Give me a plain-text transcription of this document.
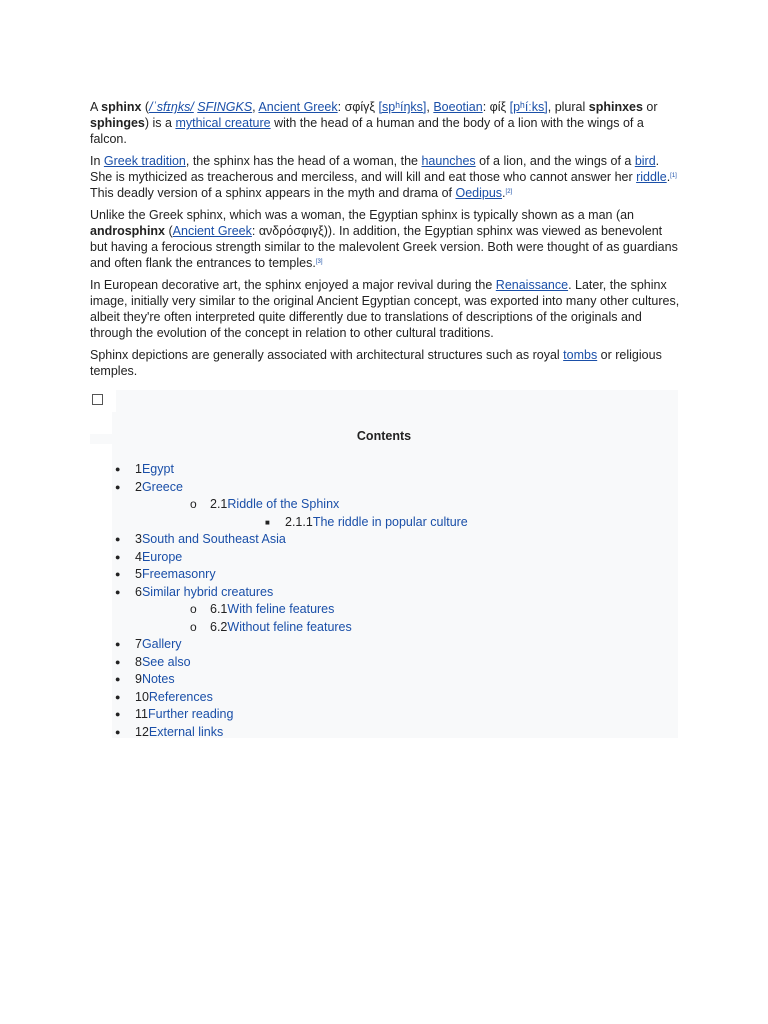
A sphinx (/ˈsfɪŋks/ SFINGKS, Ancient Greek: σφίγξ [spʰíŋks], Boeotian: φίξ [pʰíːks], plural sphinxes or sphinges) is a mythical creature with the head of a human and the body of a lion with the wings of a falcon.

In Greek tradition, the sphinx has the head of a woman, the haunches of a lion, and the wings of a bird. She is mythicized as treacherous and merciless, and will kill and eat those who cannot answer her riddle.[1] This deadly version of a sphinx appears in the myth and drama of Oedipus.[2]

Unlike the Greek sphinx, which was a woman, the Egyptian sphinx is typically shown as a man (an androsphinx (Ancient Greek: ανδρόσφιγξ)). In addition, the Egyptian sphinx was viewed as benevolent but having a ferocious strength similar to the malevolent Greek version. Both were thought of as guardians and often flank the entrances to temples.[3]

In European decorative art, the sphinx enjoyed a major revival during the Renaissance. Later, the sphinx image, initially very similar to the original Ancient Egyptian concept, was exported into many other cultures, albeit they're often interpreted quite differently due to translations of descriptions of the originals and through the evolution of the concept in relation to other cultural traditions.

Sphinx depictions are generally associated with architectural structures such as royal tombs or religious temples.

Contents
● 1Egypt
● 2Greece
o 2.1Riddle of the Sphinx
■ 2.1.1The riddle in popular culture
● 3South and Southeast Asia
● 4Europe
● 5Freemasonry
● 6Similar hybrid creatures
o 6.1With feline features
o 6.2Without feline features
● 7Gallery
● 8See also
● 9Notes
● 10References
● 11Further reading
● 12External links
